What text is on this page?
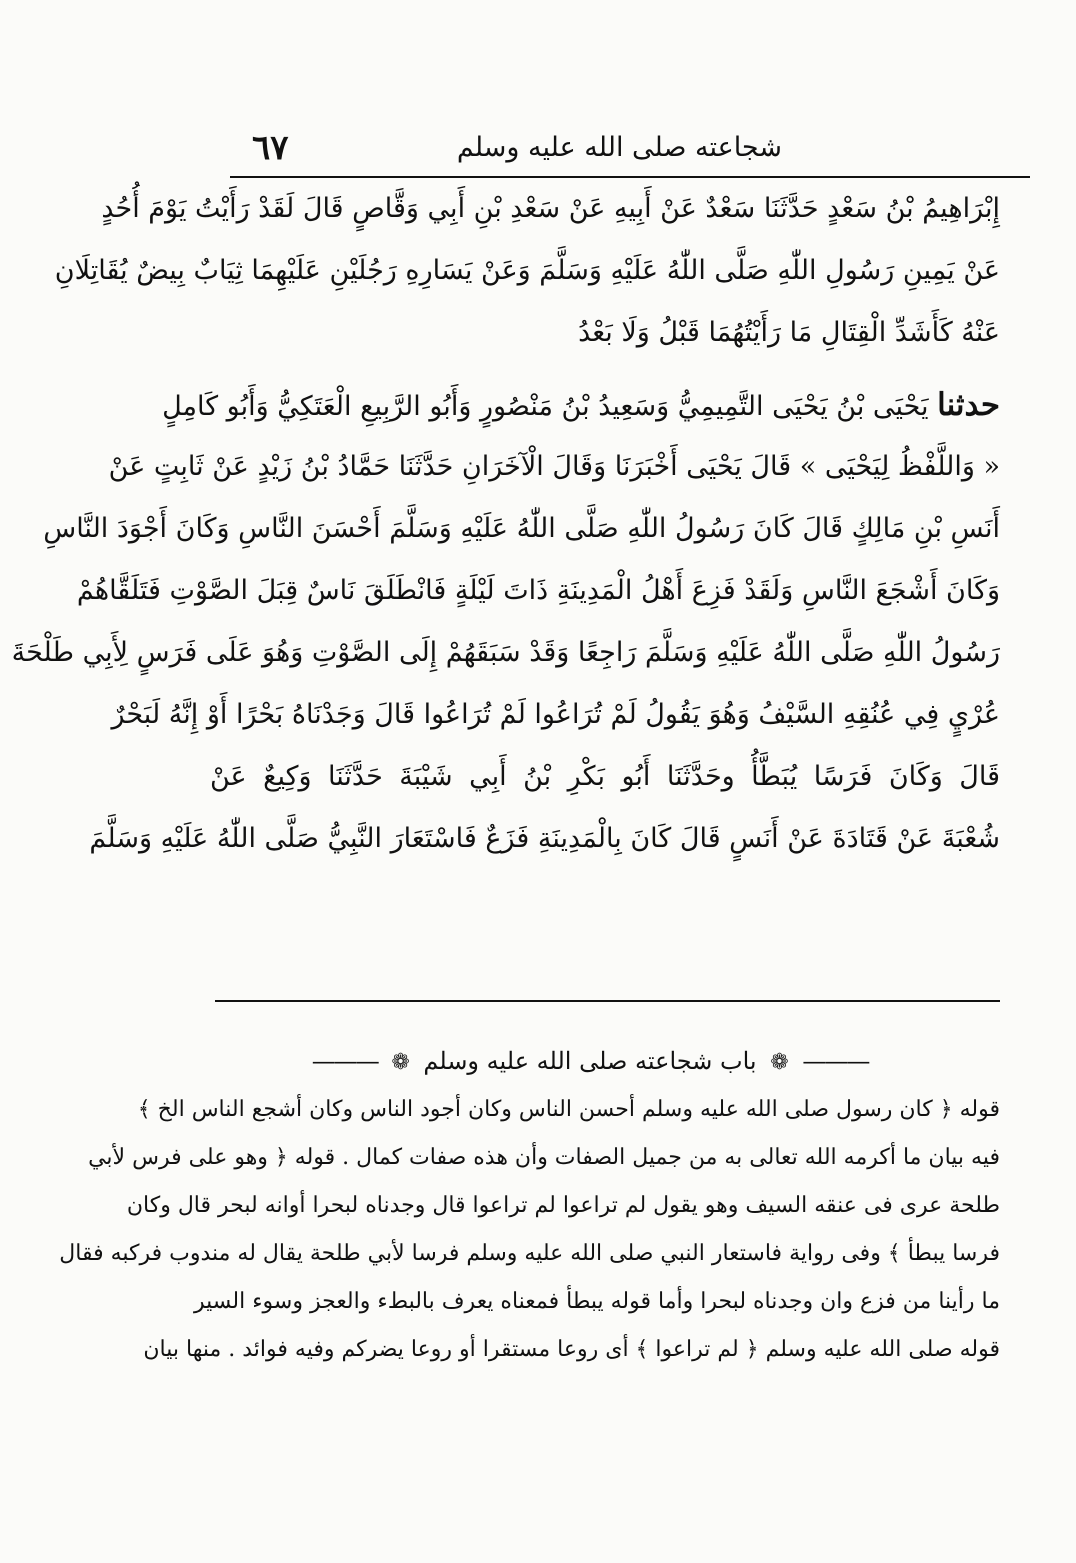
٦٧	شجاعته صلى الله عليه وسلم
إِبْرَاهِيمُ بْنُ سَعْدٍ حَدَّثَنَا سَعْدٌ عَنْ أَبِيهِ عَنْ سَعْدِ بْنِ أَبِي وَقَّاصٍ قَالَ لَقَدْ رَأَيْتُ يَوْمَ أُحُدٍ
عَنْ يَمِينِ رَسُولِ اللّٰهِ صَلَّى اللّٰهُ عَلَيْهِ وَسَلَّمَ وَعَنْ يَسَارِهِ رَجُلَيْنِ عَلَيْهِمَا ثِيَابٌ بِيضٌ يُقَاتِلَانِ
عَنْهُ كَأَشَدِّ الْقِتَالِ مَا رَأَيْتُهُمَا قَبْلُ وَلَا بَعْدُ
حدثنا يَحْيَى بْنُ يَحْيَى التَّمِيمِيُّ وَسَعِيدُ بْنُ مَنْصُورٍ وَأَبُو الرَّبِيعِ الْعَتَكِيُّ وَأَبُو كَامِلٍ
« وَاللَّفْظُ لِيَحْيَى » قَالَ يَحْيَى أَخْبَرَنَا وَقَالَ الْآخَرَانِ حَدَّثَنَا حَمَّادُ بْنُ زَيْدٍ عَنْ ثَابِتٍ عَنْ
أَنَسِ بْنِ مَالِكٍ قَالَ كَانَ رَسُولُ اللّٰهِ صَلَّى اللّٰهُ عَلَيْهِ وَسَلَّمَ أَحْسَنَ النَّاسِ وَكَانَ أَجْوَدَ النَّاسِ
وَكَانَ أَشْجَعَ النَّاسِ وَلَقَدْ فَزِعَ أَهْلُ الْمَدِينَةِ ذَاتَ لَيْلَةٍ فَانْطَلَقَ نَاسٌ قِبَلَ الصَّوْتِ فَتَلَقَّاهُمْ
رَسُولُ اللّٰهِ صَلَّى اللّٰهُ عَلَيْهِ وَسَلَّمَ رَاجِعًا وَقَدْ سَبَقَهُمْ إِلَى الصَّوْتِ وَهُوَ عَلَى فَرَسٍ لِأَبِي طَلْحَةَ
عُرْيٍ فِي عُنُقِهِ السَّيْفُ وَهُوَ يَقُولُ لَمْ تُرَاعُوا لَمْ تُرَاعُوا قَالَ وَجَدْنَاهُ بَحْرًا أَوْ إِنَّهُ لَبَحْرٌ
قَالَ وَكَانَ فَرَسًا يُبَطَّأُ وحَدَّثَنَا أَبُو بَكْرِ بْنُ أَبِي شَيْبَةَ حَدَّثَنَا وَكِيعٌ عَنْ
شُعْبَةَ عَنْ قَتَادَةَ عَنْ أَنَسٍ قَالَ كَانَ بِالْمَدِينَةِ فَزَعٌ فَاسْتَعَارَ النَّبِيُّ صَلَّى اللّٰهُ عَلَيْهِ وَسَلَّمَ
——— ❁ باب شجاعته صلى الله عليه وسلم ❁ ———
قوله ﴿ كان رسول صلى الله عليه وسلم أحسن الناس وكان أجود الناس وكان أشجع الناس الخ ﴾
فيه بيان ما أكرمه الله تعالى به من جميل الصفات وأن هذه صفات كمال . قوله ﴿ وهو على فرس لأبي
طلحة عرى فى عنقه السيف وهو يقول لم تراعوا لم تراعوا قال وجدناه لبحرا أوانه لبحر قال وكان
فرسا يبطأ ﴾ وفى رواية فاستعار النبي صلى الله عليه وسلم فرسا لأبي طلحة يقال له مندوب فركبه فقال
ما رأينا من فزع وان وجدناه لبحرا وأما قوله يبطأ فمعناه يعرف بالبطء والعجز وسوء السير
قوله صلى الله عليه وسلم ﴿ لم تراعوا ﴾ أى روعا مستقرا أو روعا يضركم وفيه فوائد . منها بيان
